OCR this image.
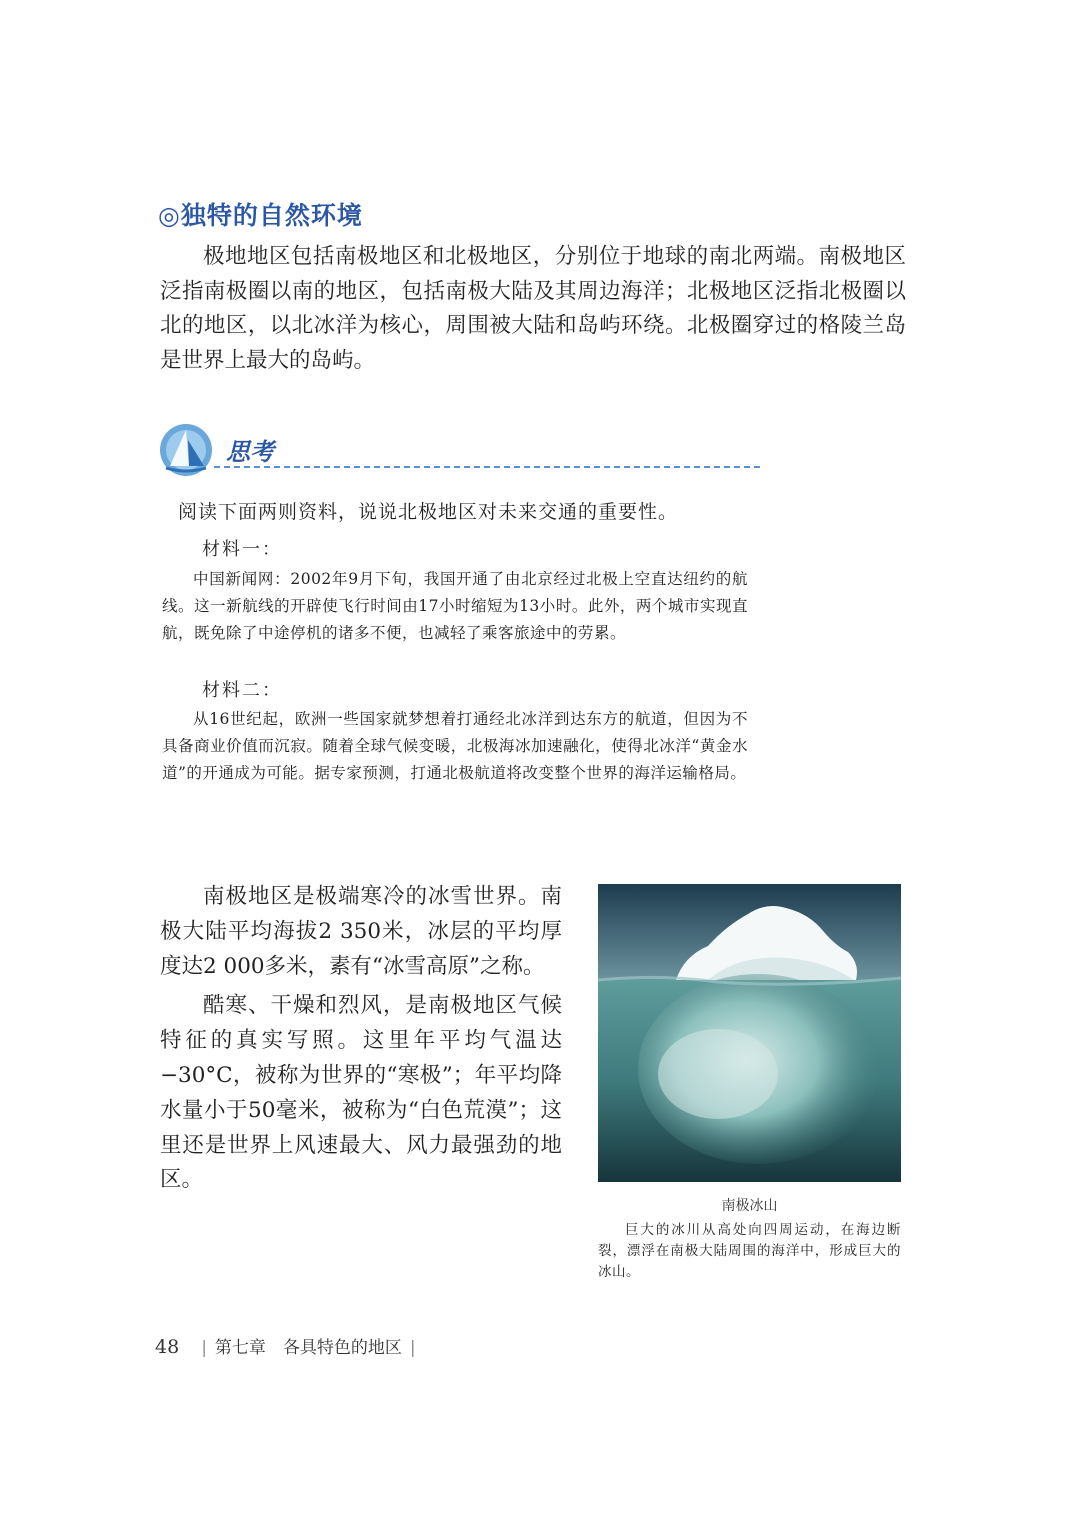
◎独特的自然环境

极地地区包括南极地区和北极地区，分别位于地球的南北两端。南极地区泛指南极圈以南的地区，包括南极大陆及其周边海洋；北极地区泛指北极圈以北的地区，以北冰洋为核心，周围被大陆和岛屿环绕。北极圈穿过的格陵兰岛是世界上最大的岛屿。

思考
阅读下面两则资料，说说北极地区对未来交通的重要性。
材料一：

中国新闻网：2002年9月下旬，我国开通了由北京经过北极上空直达纽约的航线。这一新航线的开辟使飞行时间由17小时缩短为13小时。此外，两个城市实现直航，既免除了中途停机的诸多不便，也减轻了乘客旅途中的劳累。

材料二：

从16世纪起，欧洲一些国家就梦想着打通经北冰洋到达东方的航道，但因为不具备商业价值而沉寂。随着全球气候变暖，北极海冰加速融化，使得北冰洋“黄金水道”的开通成为可能。据专家预测，打通北极航道将改变整个世界的海洋运输格局。

南极地区是极端寒冷的冰雪世界。南极大陆平均海拔2 350米，冰层的平均厚度达2 000多米，素有“冰雪高原”之称。

酷寒、干燥和烈风，是南极地区气候特征的真实写照。这里年平均气温达−30°C，被称为世界的“寒极”；年平均降水量小于50毫米，被称为“白色荒漠”；这里还是世界上风速最大、风力最强劲的地区。

南极冰山

巨大的冰川从高处向四周运动，在海边断裂，漂浮在南极大陆周围的海洋中，形成巨大的冰山。

48 | 第七章　各具特色的地区 |
